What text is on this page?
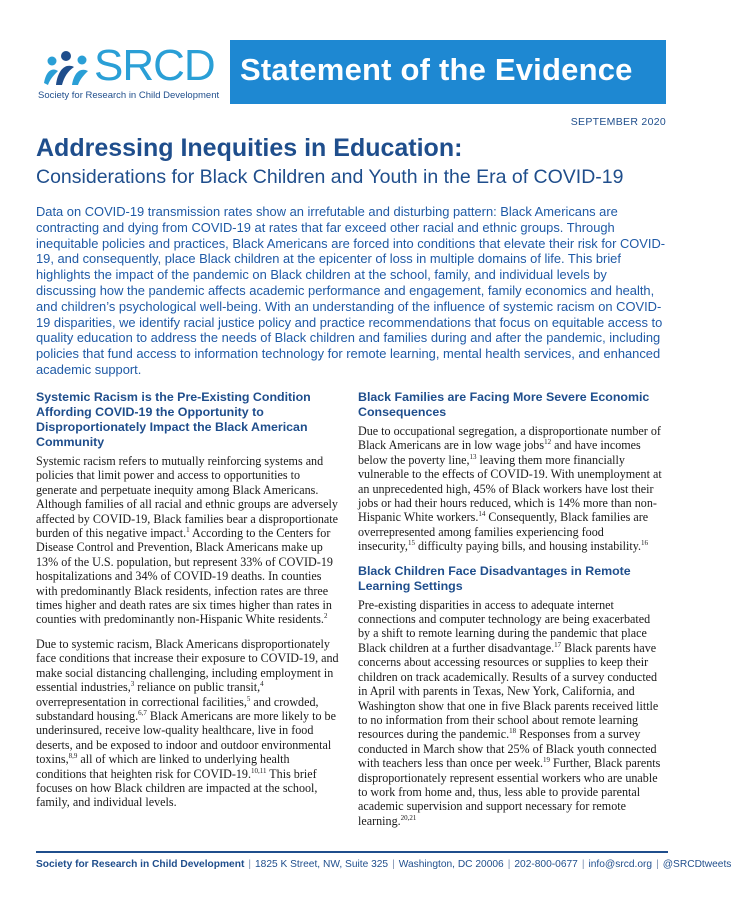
SRCD
Society for Research in Child Development
Statement of the Evidence
SEPTEMBER 2020
Addressing Inequities in Education:
Considerations for Black Children and Youth in the Era of COVID-19
Data on COVID-19 transmission rates show an irrefutable and disturbing pattern: Black Americans are contracting and dying from COVID-19 at rates that far exceed other racial and ethnic groups. Through inequitable policies and practices, Black Americans are forced into conditions that elevate their risk for COVID-19, and consequently, place Black children at the epicenter of loss in multiple domains of life. This brief highlights the impact of the pandemic on Black children at the school, family, and individual levels by discussing how the pandemic affects academic performance and engagement, family economics and health, and children’s psychological well-being. With an understanding of the influence of systemic racism on COVID-19 disparities, we identify racial justice policy and practice recommendations that focus on equitable access to quality education to address the needs of Black children and families during and after the pandemic, including policies that fund access to information technology for remote learning, mental health services, and enhanced academic support.
Systemic Racism is the Pre-Existing Condition Affording COVID-19 the Opportunity to Disproportionately Impact the Black American Community

Systemic racism refers to mutually reinforcing systems and policies that limit power and access to opportunities to generate and perpetuate inequity among Black Americans. Although families of all racial and ethnic groups are adversely affected by COVID-19, Black families bear a disproportionate burden of this negative impact.$^1$ According to the Centers for Disease Control and Prevention, Black Americans make up 13% of the U.S. population, but represent 33% of COVID-19 hospitalizations and 34% of COVID-19 deaths. In counties with predominantly Black residents, infection rates are three times higher and death rates are six times higher than rates in counties with predominantly non-Hispanic White residents.$^2$

Due to systemic racism, Black Americans disproportionately face conditions that increase their exposure to COVID-19, and make social distancing challenging, including employment in essential industries,$^3$ reliance on public transit,$^4$ overrepresentation in correctional facilities,$^5$ and crowded, substandard housing.$^{6,7}$ Black Americans are more likely to be underinsured, receive low-quality healthcare, live in food deserts, and be exposed to indoor and outdoor environmental toxins,$^{8,9}$ all of which are linked to underlying health conditions that heighten risk for COVID-19.$^{10,11}$ This brief focuses on how Black children are impacted at the school, family, and individual levels.

Black Families are Facing More Severe Economic Consequences

Due to occupational segregation, a disproportionate number of Black Americans are in low wage jobs$^{12}$ and have incomes below the poverty line,$^{13}$ leaving them more financially vulnerable to the effects of COVID-19. With unemployment at an unprecedented high, 45% of Black workers have lost their jobs or had their hours reduced, which is 14% more than non-Hispanic White workers.$^{14}$ Consequently, Black families are overrepresented among families experiencing food insecurity,$^{15}$ difficulty paying bills, and housing instability.$^{16}$

Black Children Face Disadvantages in Remote Learning Settings

Pre-existing disparities in access to adequate internet connections and computer technology are being exacerbated by a shift to remote learning during the pandemic that place Black children at a further disadvantage.$^{17}$ Black parents have concerns about accessing resources or supplies to keep their children on track academically. Results of a survey conducted in April with parents in Texas, New York, California, and Washington show that one in five Black parents received little to no information from their school about remote learning resources during the pandemic.$^{18}$ Responses from a survey conducted in March show that 25% of Black youth connected with teachers less than once per week.$^{19}$ Further, Black parents disproportionately represent essential workers who are unable to work from home and, thus, less able to provide parental academic supervision and support necessary for remote learning.$^{20,21}$

Society for Research in Child Development | 1825 K Street, NW, Suite 325 | Washington, DC 20006 | 202-800-0677 | info@srcd.org | @SRCDtweets
